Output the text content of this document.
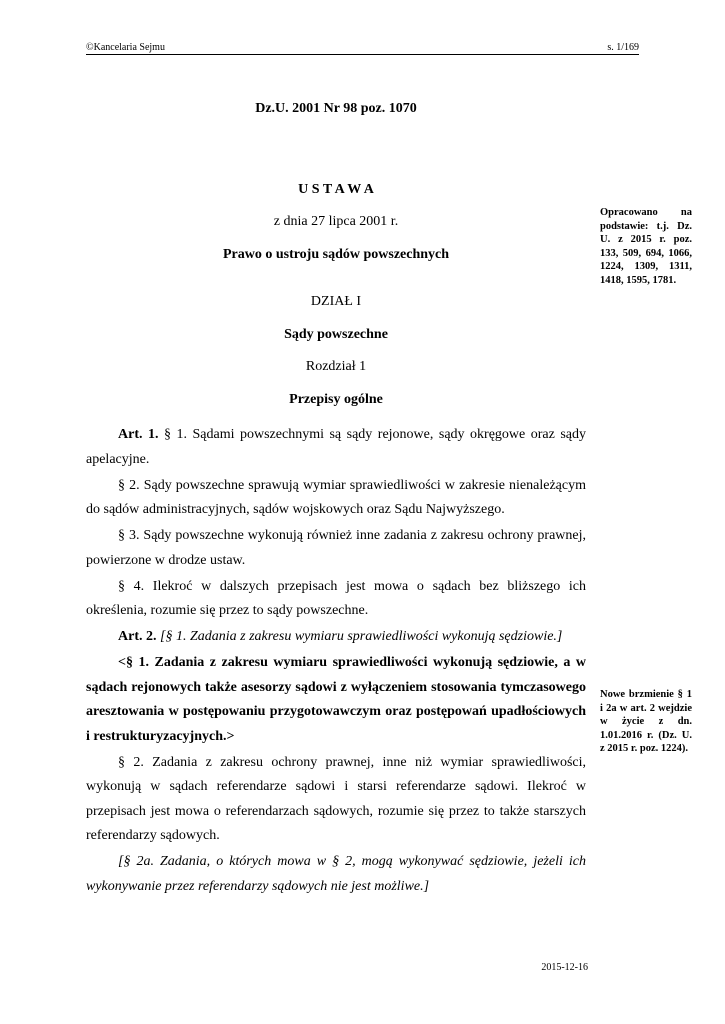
©Kancelaria Sejmu	s. 1/169
Dz.U. 2001 Nr 98 poz. 1070
U S T A W A
z dnia 27 lipca 2001 r.
Prawo o ustroju sądów powszechnych
DZIAŁ I
Sądy powszechne
Rozdział 1
Przepisy ogólne
Opracowano na podstawie: t.j. Dz. U. z 2015 r. poz. 133, 509, 694, 1066, 1224, 1309, 1311, 1418, 1595, 1781.
Nowe brzmienie § 1 i 2a w art. 2 wejdzie w życie z dn. 1.01.2016 r. (Dz. U. z 2015 r. poz. 1224).

Art. 1. § 1. Sądami powszechnymi są sądy rejonowe, sądy okręgowe oraz sądy apelacyjne.

§ 2. Sądy powszechne sprawują wymiar sprawiedliwości w zakresie nienależącym do sądów administracyjnych, sądów wojskowych oraz Sądu Najwyższego.

§ 3. Sądy powszechne wykonują również inne zadania z zakresu ochrony prawnej, powierzone w drodze ustaw.

§ 4. Ilekroć w dalszych przepisach jest mowa o sądach bez bliższego ich określenia, rozumie się przez to sądy powszechne.

Art. 2. [§ 1. Zadania z zakresu wymiaru sprawiedliwości wykonują sędziowie.]

<§ 1. Zadania z zakresu wymiaru sprawiedliwości wykonują sędziowie, a w sądach rejonowych także asesorzy sądowi z wyłączeniem stosowania tymczasowego aresztowania w postępowaniu przygotowawczym oraz postępowań upadłościowych i restrukturyzacyjnych.>

§ 2. Zadania z zakresu ochrony prawnej, inne niż wymiar sprawiedliwości, wykonują w sądach referendarze sądowi i starsi referendarze sądowi. Ilekroć w przepisach jest mowa o referendarzach sądowych, rozumie się przez to także starszych referendarzy sądowych.

[§ 2a. Zadania, o których mowa w § 2, mogą wykonywać sędziowie, jeżeli ich wykonywanie przez referendarzy sądowych nie jest możliwe.]

2015-12-16
